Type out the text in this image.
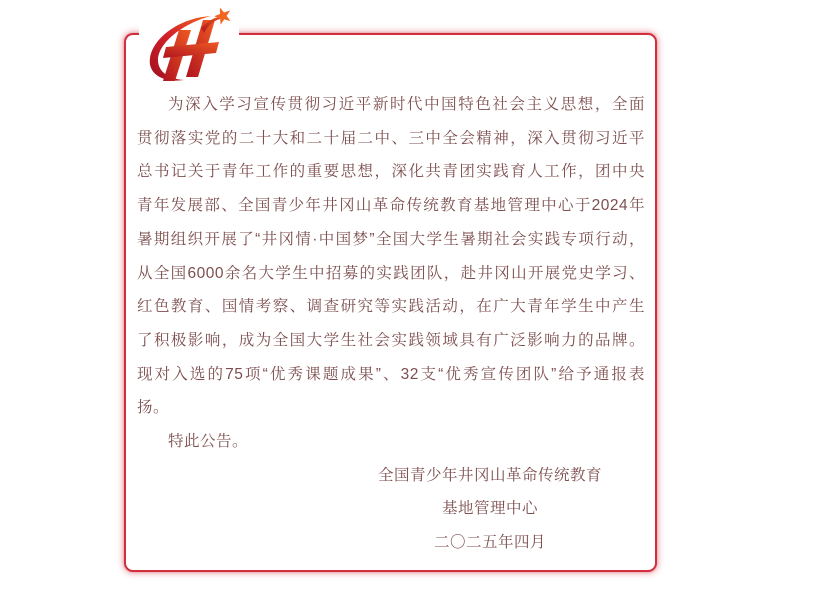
为深入学习宣传贯彻习近平新时代中国特色社会主义思想，全面

贯彻落实党的二十大和二十届二中、三中全会精神，深入贯彻习近平

总书记关于青年工作的重要思想，深化共青团实践育人工作，团中央

青年发展部、全国青少年井冈山革命传统教育基地管理中心于2024年

暑期组织开展了“井冈情·中国梦”全国大学生暑期社会实践专项行动，

从全国6000余名大学生中招募的实践团队，赴井冈山开展党史学习、

红色教育、国情考察、调查研究等实践活动，在广大青年学生中产生

了积极影响，成为全国大学生社会实践领域具有广泛影响力的品牌。

现对入选的75项“优秀课题成果”、32支“优秀宣传团队”给予通报表

扬。

特此公告。

全国青少年井冈山革命传统教育

基地管理中心

二〇二五年四月
